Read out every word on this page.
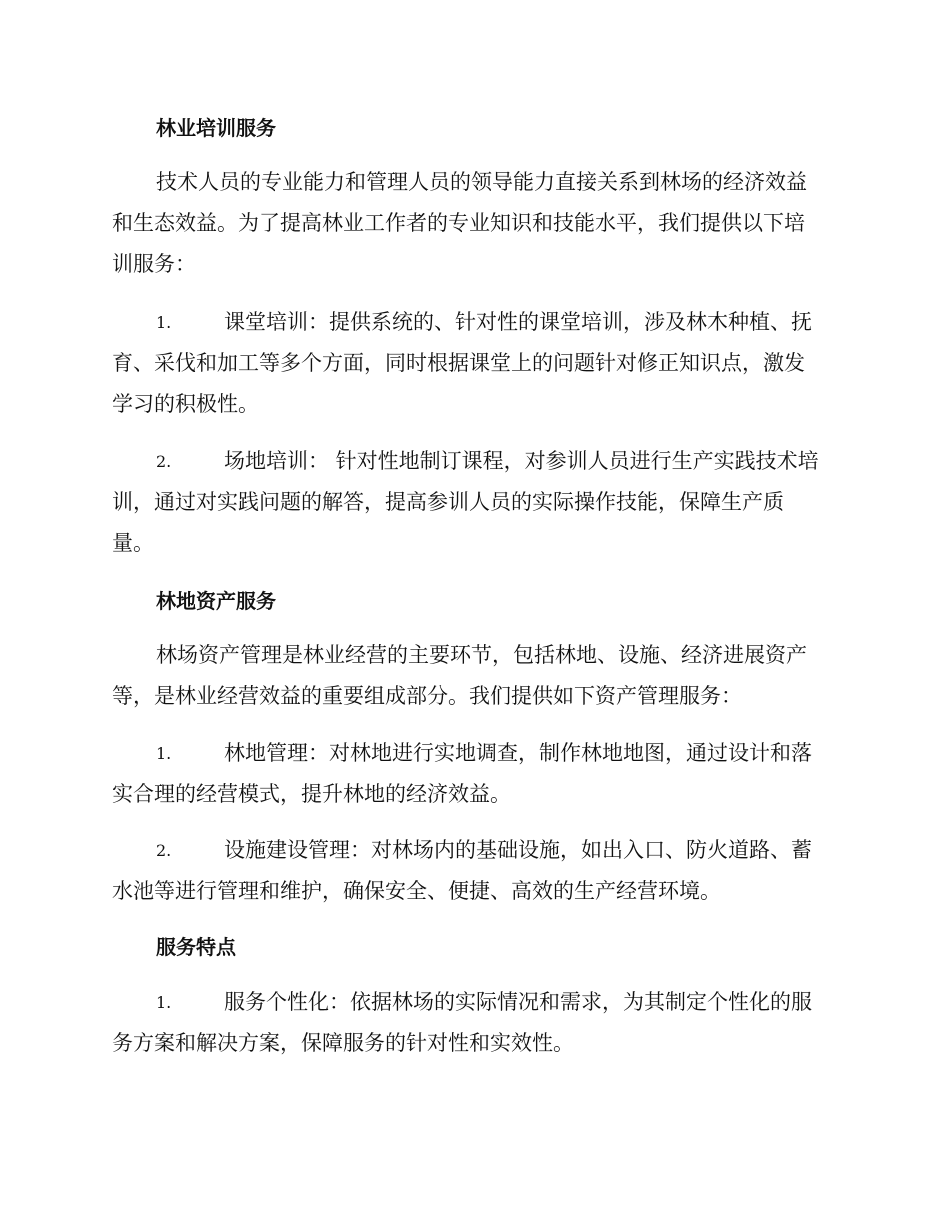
林业培训服务
技术人员的专业能力和管理人员的领导能力直接关系到林场的经济效益
和生态效益。为了提高林业工作者的专业知识和技能水平，我们提供以下培
训服务：
1.	课堂培训：提供系统的、针对性的课堂培训，涉及林木种植、抚
育、采伐和加工等多个方面，同时根据课堂上的问题针对修正知识点，激发
学习的积极性。
2.	场地培训： 针对性地制订课程，对参训人员进行生产实践技术培
训，通过对实践问题的解答，提高参训人员的实际操作技能，保障生产质
量。
林地资产服务
林场资产管理是林业经营的主要环节，包括林地、设施、经济进展资产
等，是林业经营效益的重要组成部分。我们提供如下资产管理服务：
1.	林地管理：对林地进行实地调查，制作林地地图，通过设计和落
实合理的经营模式，提升林地的经济效益。
2.	设施建设管理：对林场内的基础设施，如出入口、防火道路、蓄
水池等进行管理和维护，确保安全、便捷、高效的生产经营环境。
服务特点
1.	服务个性化：依据林场的实际情况和需求，为其制定个性化的服
务方案和解决方案，保障服务的针对性和实效性。
